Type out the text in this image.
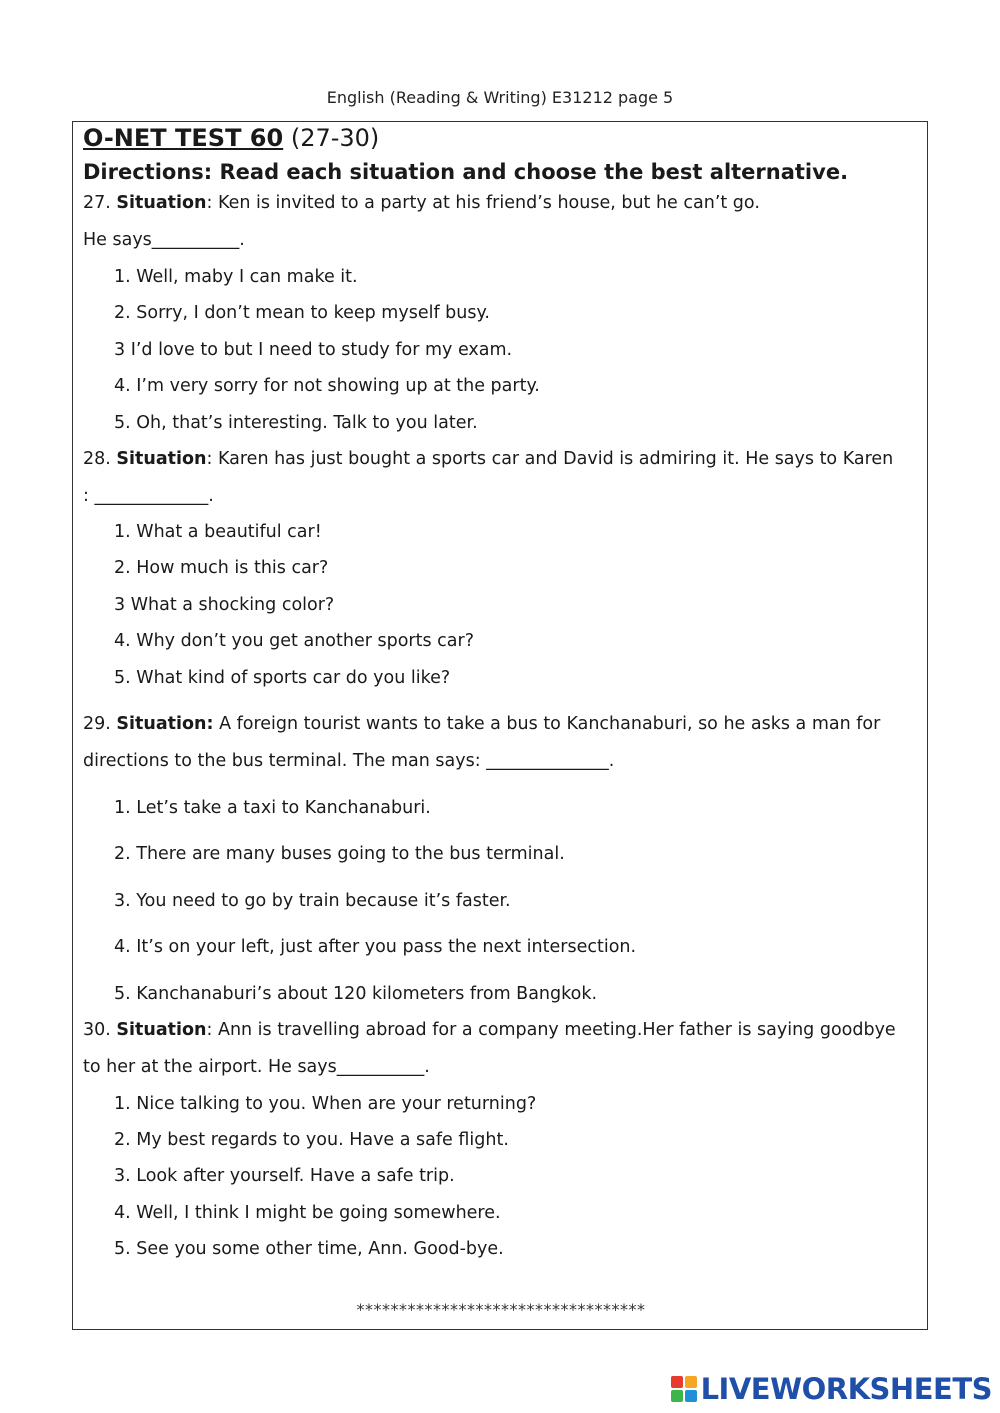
English (Reading & Writing) E31212 page 5
O-NET TEST 60 (27-30)
Directions: Read each situation and choose the best alternative.
27. Situation: Ken is invited to a party at his friend’s house, but he can’t go.
He says__________.
1. Well, maby I can make it.
2. Sorry, I don’t mean to keep myself busy.
3 I’d love to but I need to study for my exam.
4. I’m very sorry for not showing up at the party.
5. Oh, that’s interesting. Talk to you later.
28. Situation: Karen has just bought a sports car and David is admiring it. He says to Karen
: _____________.
1. What a beautiful car!
2. How much is this car?
3 What a shocking color?
4. Why don’t you get another sports car?
5. What kind of sports car do you like?
29. Situation: A foreign tourist wants to take a bus to Kanchanaburi, so he asks a man for
directions to the bus terminal. The man says: ______________.
1. Let’s take a taxi to Kanchanaburi.
2. There are many buses going to the bus terminal.
3. You need to go by train because it’s faster.
4. It’s on your left, just after you pass the next intersection.
5. Kanchanaburi’s about 120 kilometers from Bangkok.
30. Situation: Ann is travelling abroad for a company meeting.Her father is saying goodbye
to her at the airport. He says__________.
1. Nice talking to you. When are your returning?
2. My best regards to you. Have a safe flight.
3. Look after yourself. Have a safe trip.
4. Well, I think I might be going somewhere.
5. See you some other time, Ann. Good-bye.
**********************************
LIVEWORKSHEETS
